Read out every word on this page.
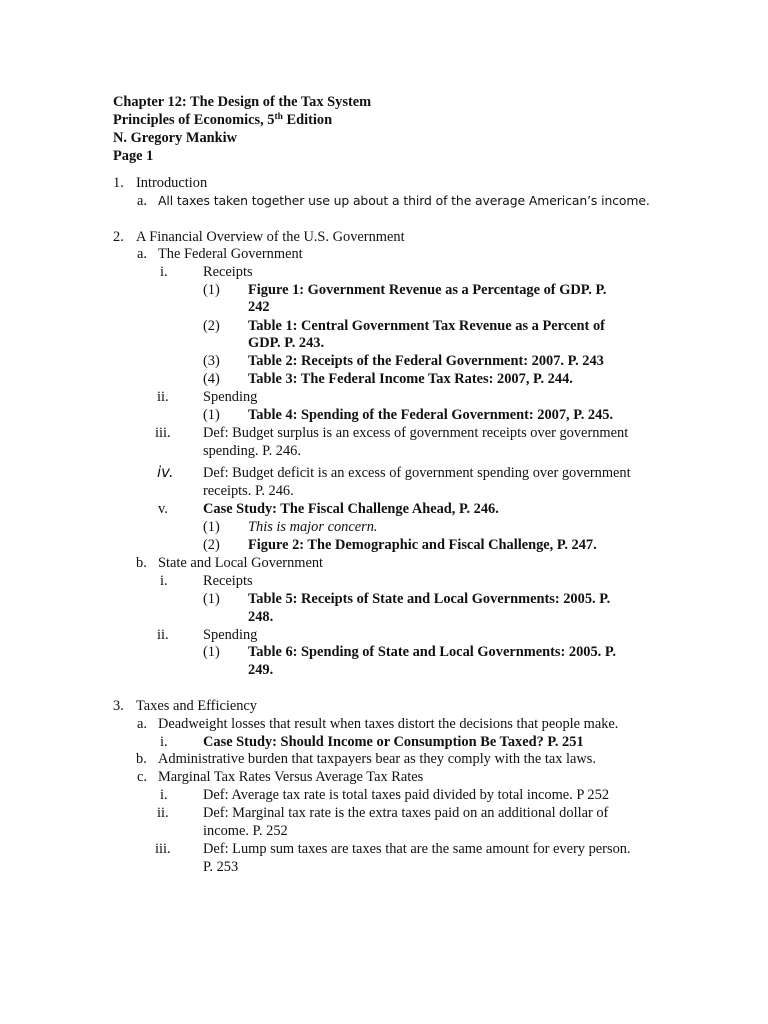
Chapter 12: The Design of the Tax System
Principles of Economics, 5th Edition
N. Gregory Mankiw
Page 1
1. Introduction
a. All taxes taken together use up about a third of the average American’s income.
2. A Financial Overview of the U.S. Government
a. The Federal Government
i. Receipts
(1) Figure 1: Government Revenue as a Percentage of GDP. P.
242
(2) Table 1: Central Government Tax Revenue as a Percent of
GDP. P. 243.
(3) Table 2: Receipts of the Federal Government: 2007. P. 243
(4) Table 3: The Federal Income Tax Rates: 2007, P. 244.
ii. Spending
(1) Table 4: Spending of the Federal Government: 2007, P. 245.
iii. Def: Budget surplus is an excess of government receipts over government
spending. P. 246.
iv. Def: Budget deficit is an excess of government spending over government
receipts. P. 246.
v. Case Study: The Fiscal Challenge Ahead, P. 246.
(1) This is major concern.
(2) Figure 2: The Demographic and Fiscal Challenge, P. 247.
b. State and Local Government
i. Receipts
(1) Table 5: Receipts of State and Local Governments: 2005. P.
248.
ii. Spending
(1) Table 6: Spending of State and Local Governments: 2005. P.
249.
3. Taxes and Efficiency
a. Deadweight losses that result when taxes distort the decisions that people make.
i. Case Study: Should Income or Consumption Be Taxed? P. 251
b. Administrative burden that taxpayers bear as they comply with the tax laws.
c. Marginal Tax Rates Versus Average Tax Rates
i. Def: Average tax rate is total taxes paid divided by total income. P 252
ii. Def: Marginal tax rate is the extra taxes paid on an additional dollar of
income. P. 252
iii. Def: Lump sum taxes are taxes that are the same amount for every person.
P. 253
